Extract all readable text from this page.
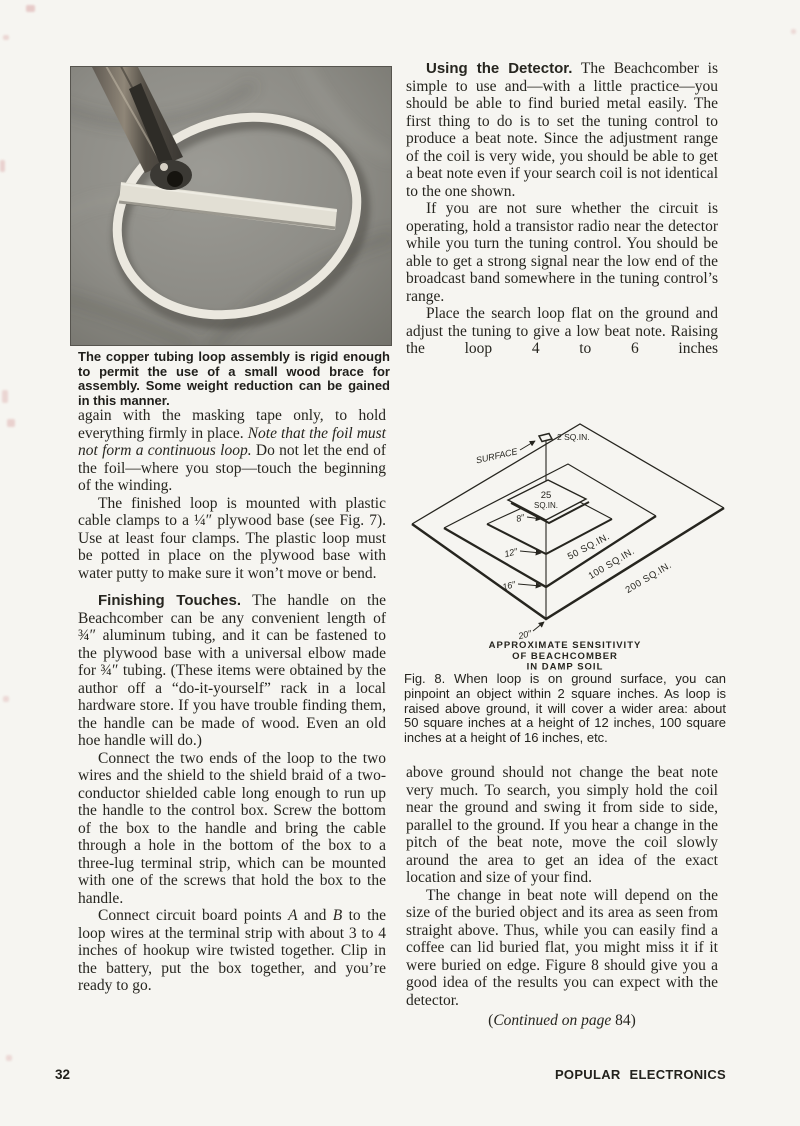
The copper tubing loop assembly is rigid enough to permit the use of a small wood brace for assembly. Some weight reduction can be gained in this manner.

again with the masking tape only, to hold everything firmly in place. Note that the foil must not form a continuous loop. Do not let the end of the foil—where you stop—touch the beginning of the winding.

The finished loop is mounted with plastic cable clamps to a ¼″ plywood base (see Fig. 7). Use at least four clamps. The plastic loop must be potted in place on the plywood base with water putty to make sure it won’t move or bend.

Finishing Touches. The handle on the Beachcomber can be any convenient length of ¾″ aluminum tubing, and it can be fastened to the plywood base with a universal elbow made for ¾″ tubing. (These items were obtained by the author off a “do-it-yourself” rack in a local hardware store. If you have trouble finding them, the handle can be made of wood. Even an old hoe handle will do.)

Connect the two ends of the loop to the two wires and the shield to the shield braid of a two-conductor shielded cable long enough to run up the handle to the control box. Screw the bottom of the box to the handle and bring the cable through a hole in the bottom of the box to a three-lug terminal strip, which can be mounted with one of the screws that hold the box to the handle.

Connect circuit board points A and B to the loop wires at the terminal strip with about 3 to 4 inches of hookup wire twisted together. Clip in the battery, put the box together, and you’re ready to go.

Using the Detector. The Beachcomber is simple to use and—with a little practice—you should be able to find buried metal easily. The first thing to do is to set the tuning control to produce a beat note. Since the adjustment range of the coil is very wide, you should be able to get a beat note even if your search coil is not identical to the one shown.

If you are not sure whether the circuit is operating, hold a transistor radio near the detector while you turn the tuning control. You should be able to get a strong signal near the low end of the broadcast band somewhere in the tuning control’s range.

Place the search loop flat on the ground and adjust the tuning to give a low beat note. Raising the loop 4 to 6 inches

25
SQ.IN.
SURFACE
2 SQ.IN.
50 SQ.IN.
100 SQ.IN.
200 SQ.IN.
8″
12″
16″
20″
APPROXIMATE SENSITIVITY
OF BEACHCOMBER
IN DAMP SOIL

Fig. 8. When loop is on ground surface, you can pinpoint an object within 2 square inches. As loop is raised above ground, it will cover a wider area: about 50 square inches at a height of 12 inches, 100 square inches at a height of 16 inches, etc.

above ground should not change the beat note very much. To search, you simply hold the coil near the ground and swing it from side to side, parallel to the ground. If you hear a change in the pitch of the beat note, move the coil slowly around the area to get an idea of the exact location and size of your find.

The change in beat note will depend on the size of the buried object and its area as seen from straight above. Thus, while you can easily find a coffee can lid buried flat, you might miss it if it were buried on edge. Figure 8 should give you a good idea of the results you can expect with the detector.

(Continued on page 84)

32	POPULAR ELECTRONICS
